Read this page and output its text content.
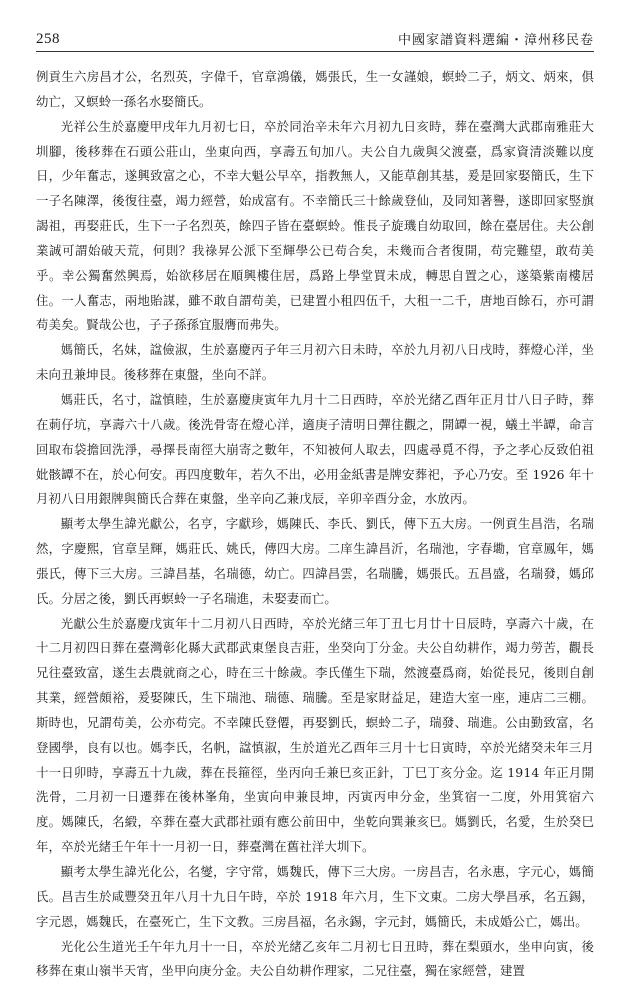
258	中國家譜資料選編・漳州移民卷

例貢生六房昌才公，名烈英，字偉千，官章鴻儀，媽張氏，生一女謹娘，螟蛉二子，炳文、炳來，俱幼亡，又螟蛉一孫名水娶簡氏。

光祥公生於嘉慶甲戌年九月初七日，卒於同治辛未年六月初九日亥時，葬在臺灣大武郡南雅莊大圳腳，後移葬在石頭公莊山，坐東向西，享壽五旬加八。夫公自九歲與父渡臺，爲家資清淡難以度日，少年奮志，遂興致富之心，不幸大魁公早卒，指教無人，又能草創其基，爰是回家娶簡氏，生下一子名陳澤，後復往臺，竭力經營，始成富有。不幸簡氏三十餘歲登仙，及同知著譽，遂即回家竪旗謁祖，再娶莊氏，生下一子名烈英，餘四子皆在臺螟蛉。惟長子旋璣自幼取回，餘在臺居住。夫公創業誠可謂始破天荒，何則？我祿昇公派下至輝學公已苟合矣，未幾而合者復開，苟完難望，敢苟美乎。幸公獨奮然興焉，始欲移居在順興樓住居，爲路上學堂買未成，轉思自置之心，遂築紫南樓居住。一人奮志，兩地貽謀，雖不敢自謂苟美，已建置小租四伍千，大租一二千，唐地百餘石，亦可謂苟美矣。賢哉公也，子子孫孫宜服膺而弗失。

媽簡氏，名妹，諡儉淑，生於嘉慶丙子年三月初六日未時，卒於九月初八日戌時，葬燈心洋，坐未向丑兼坤艮。後移葬在東盤，坐向不詳。

媽莊氏，名寸，諡慎睦，生於嘉慶庚寅年九月十二日西時，卒於光緒乙酉年正月廿八日子時，葬在莿仔坑，享壽六十八歲。後洗骨寄在燈心洋，適庚子清明日彈往觀之，開罈一視，蟻土半罈，命言回取布袋擔回洗淨，尋擇長南徑大崩寄之數年，不知被何人取去，四處尋覓不得，予之孝心反致伯祖妣骸罈不在，於心何安。再四度數年，若久不出，必用金紙書是牌安葬祀，予心乃安。至 1926 年十月初八日用銀牌與簡氏合葬在東盤，坐辛向乙兼戊辰，辛卯辛酉分金，水放丙。

顯考太學生諱光獻公，名亨，字獻珍，媽陳氏、李氏、劉氏，傳下五大房。一例貢生昌浩，名瑞然，字慶熙，官章呈輝，媽莊氏、姚氏，傳四大房。二庠生諱昌沂，名瑞池，字春墈，官章鳳年，媽張氏，傳下三大房。三諱昌基，名瑞德，幼亡。四諱昌雲，名瑞騰，媽張氏。五昌盛，名瑞發，媽邱氏。分居之後，劉氏再螟蛉一子名瑞進，未娶妻而亡。

光獻公生於嘉慶戊寅年十二月初八日西時，卒於光緒三年丁丑七月廿十日辰時，享壽六十歲，在十二月初四日葬在臺灣彰化縣大武郡武東堡良吉莊，坐癸向丁分金。夫公自幼耕作，竭力勞苦，觀長兄往臺致富，遂生去農就商之心，時在三十餘歲。李氏僅生下瑞，然渡臺爲商，始從長兄，後則自創其業，經營頗裕，爰娶陳氏，生下瑞池、瑞德、瑞騰。至是家財益足，建造大室一座，連店二三棚。斯時也，兄謂苟美，公亦苟完。不幸陳氏登僊，再娶劉氏，螟蛉二子，瑞發、瑞進。公由勤致富，名登國學，良有以也。媽李氏，名帆，諡慎淑，生於道光乙酉年三月十七日寅時，卒於光緒癸未年三月十一日卯時，享壽五十九歲，葬在長箍徑，坐丙向壬兼巳亥正針，丁巳丁亥分金。迄 1914 年正月開洗骨，二月初一日遷葬在後林峯角，坐寅向申兼艮坤，丙寅丙申分金，坐箕宿一二度，外用箕宿六度。媽陳氏，名緞，卒葬在臺大武郡社頭有應公前田中，坐乾向巽兼亥巳。媽劉氏，名愛，生於癸巳年，卒於光緒壬午年十一月初一日，葬臺灣在舊社洋大圳下。

顯考太學生諱光化公，名燮，字守常，媽魏氏，傳下三大房。一房昌吉，名永惠，字元心，媽簡氏。昌吉生於咸豐癸丑年八月十九日午時，卒於 1918 年六月，生下文東。二房大學昌承，名五錫，字元恩，媽魏氏，在臺死亡，生下文教。三房昌福，名永錫，字元封，媽簡氏，未成婚公亡，媽出。

光化公生道光壬午年九月十一日，卒於光緒乙亥年二月初七日丑時，葬在梨頭水，坐申向寅，後移葬在東山嶺半天宵，坐甲向庚分金。夫公自幼耕作理家，二兄往臺，獨在家經營，建置
